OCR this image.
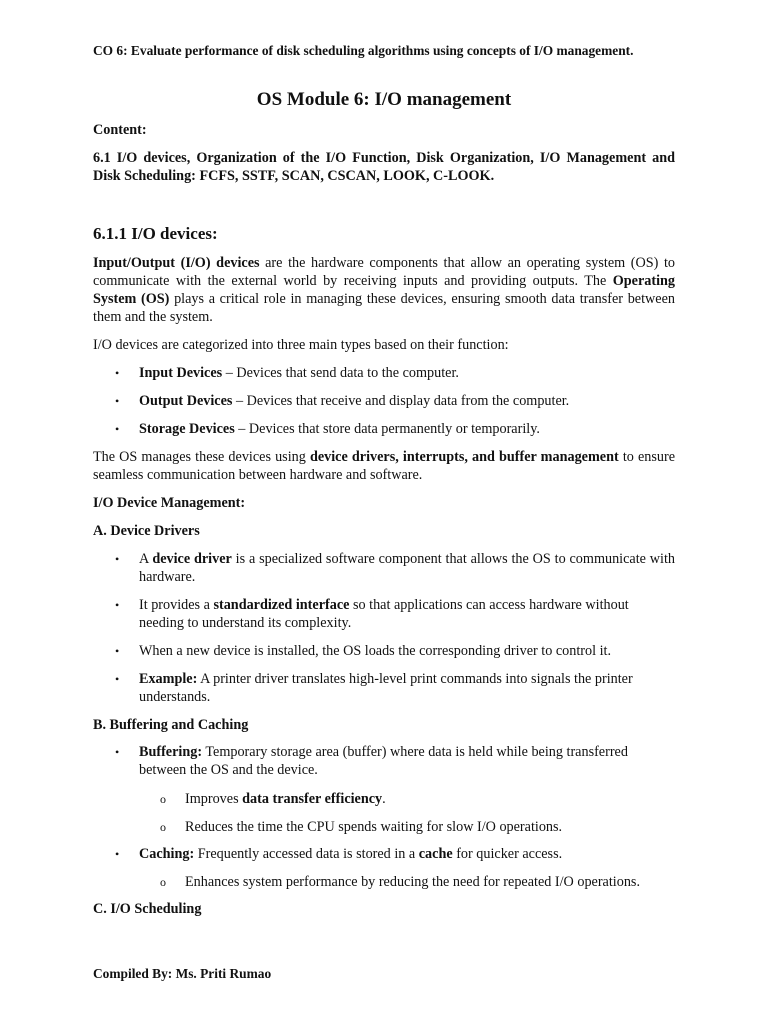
CO 6: Evaluate performance of disk scheduling algorithms using concepts of I/O management.

OS Module 6: I/O management

Content:

6.1 I/O devices, Organization of the I/O Function, Disk Organization, I/O Management and Disk Scheduling: FCFS, SSTF, SCAN, CSCAN, LOOK, C-LOOK.

6.1.1 I/O devices:

Input/Output (I/O) devices are the hardware components that allow an operating system (OS) to communicate with the external world by receiving inputs and providing outputs. The Operating System (OS) plays a critical role in managing these devices, ensuring smooth data transfer between them and the system.

I/O devices are categorized into three main types based on their function:

•	Input Devices – Devices that send data to the computer.
•	Output Devices – Devices that receive and display data from the computer.
•	Storage Devices – Devices that store data permanently or temporarily.

The OS manages these devices using device drivers, interrupts, and buffer management to ensure seamless communication between hardware and software.

I/O Device Management:

A. Device Drivers

•	A device driver is a specialized software component that allows the OS to communicate with hardware.
•	It provides a standardized interface so that applications can access hardware without needing to understand its complexity.
•	When a new device is installed, the OS loads the corresponding driver to control it.
•	Example: A printer driver translates high-level print commands into signals the printer understands.

B. Buffering and Caching

•	Buffering: Temporary storage area (buffer) where data is held while being transferred between the OS and the device.
o	Improves data transfer efficiency.
o	Reduces the time the CPU spends waiting for slow I/O operations.
•	Caching: Frequently accessed data is stored in a cache for quicker access.
o	Enhances system performance by reducing the need for repeated I/O operations.

C. I/O Scheduling

Compiled By: Ms. Priti Rumao
